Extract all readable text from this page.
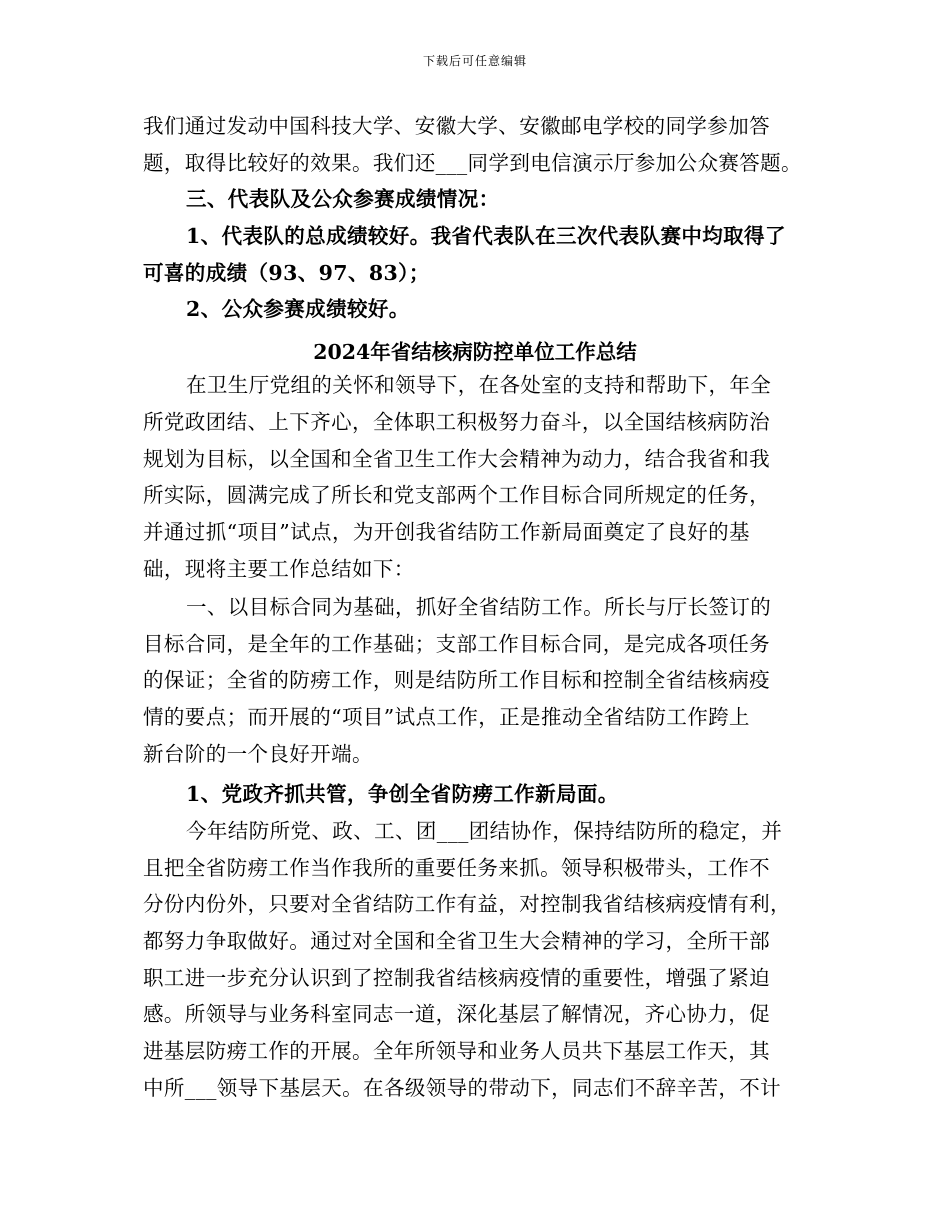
下载后可任意编辑
我们通过发动中国科技大学、安徽大学、安徽邮电学校的同学参加答
题，取得比较好的效果。我们还___同学到电信演示厅参加公众赛答题。
三、代表队及公众参赛成绩情况：
1、代表队的总成绩较好。我省代表队在三次代表队赛中均取得了
可喜的成绩（93、97、83）；
2、公众参赛成绩较好。
2024年省结核病防控单位工作总结
在卫生厅党组的关怀和领导下，在各处室的支持和帮助下，年全
所党政团结、上下齐心，全体职工积极努力奋斗，以全国结核病防治
规划为目标，以全国和全省卫生工作大会精神为动力，结合我省和我
所实际，圆满完成了所长和党支部两个工作目标合同所规定的任务，
并通过抓“项目”试点，为开创我省结防工作新局面奠定了良好的基
础，现将主要工作总结如下：
一、以目标合同为基础，抓好全省结防工作。所长与厅长签订的
目标合同，是全年的工作基础；支部工作目标合同，是完成各项任务
的保证；全省的防痨工作，则是结防所工作目标和控制全省结核病疫
情的要点；而开展的“项目”试点工作，正是推动全省结防工作跨上
新台阶的一个良好开端。
1、党政齐抓共管，争创全省防痨工作新局面。
今年结防所党、政、工、团___团结协作，保持结防所的稳定，并
且把全省防痨工作当作我所的重要任务来抓。领导积极带头，工作不
分份内份外，只要对全省结防工作有益，对控制我省结核病疫情有利，
都努力争取做好。通过对全国和全省卫生大会精神的学习，全所干部
职工进一步充分认识到了控制我省结核病疫情的重要性，增强了紧迫
感。所领导与业务科室同志一道，深化基层了解情况，齐心协力，促
进基层防痨工作的开展。全年所领导和业务人员共下基层工作天，其
中所___领导下基层天。在各级领导的带动下，同志们不辞辛苦，不计
